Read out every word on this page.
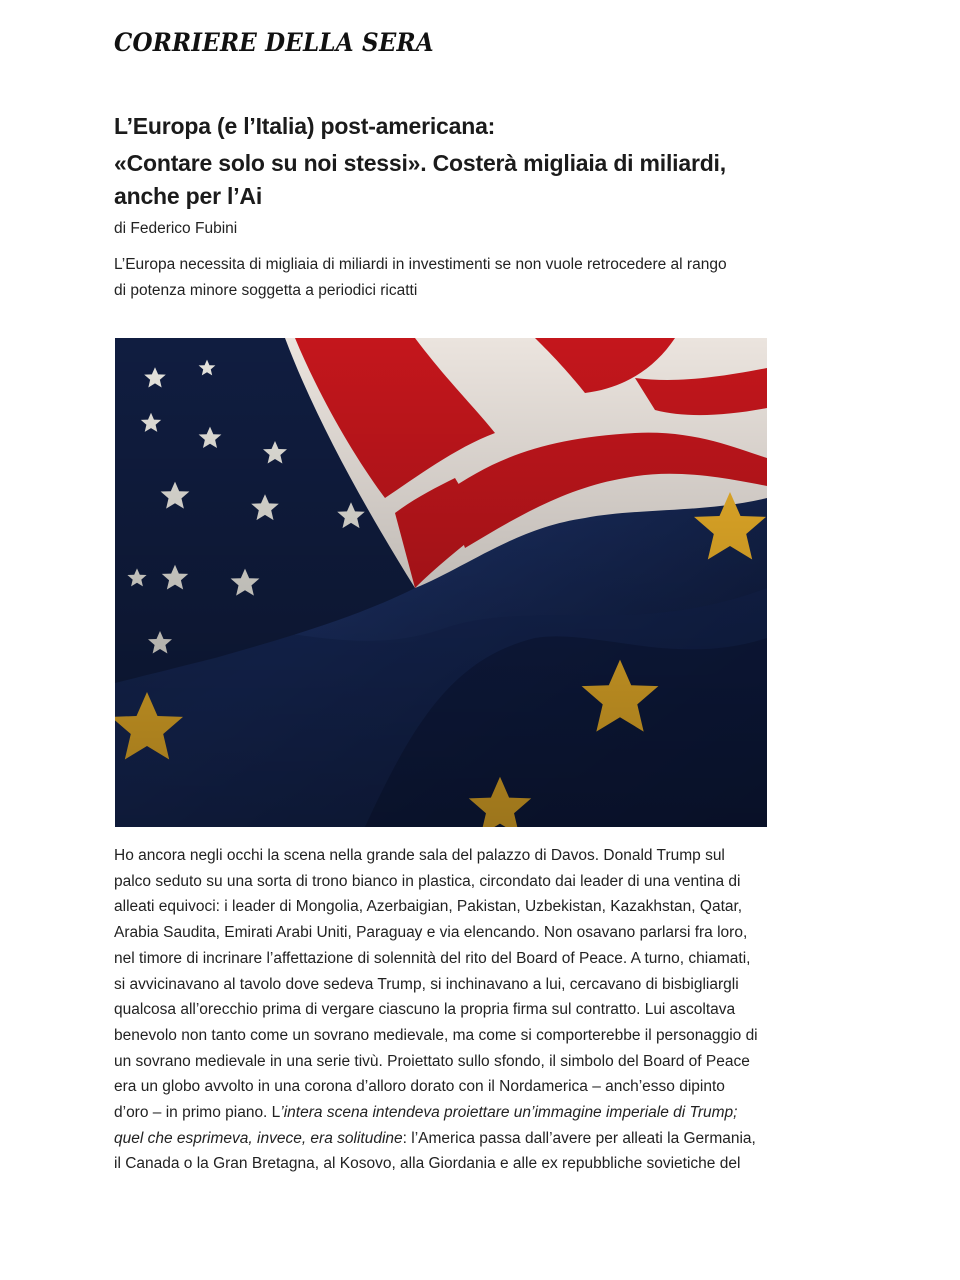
CORRIERE DELLA SERA
L’Europa (e l’Italia) post-americana:
«Contare solo su noi stessi». Costerà migliaia di miliardi,
anche per l’Ai
di Federico Fubini
L’Europa necessita di migliaia di miliardi in investimenti se non vuole retrocedere al rango
di potenza minore soggetta a periodici ricatti

Ho ancora negli occhi la scena nella grande sala del palazzo di Davos. Donald Trump sul
palco seduto su una sorta di trono bianco in plastica, circondato dai leader di una ventina di
alleati equivoci: i leader di Mongolia, Azerbaigian, Pakistan, Uzbekistan, Kazakhstan, Qatar,
Arabia Saudita, Emirati Arabi Uniti, Paraguay e via elencando. Non osavano parlarsi fra loro,
nel timore di incrinare l’affettazione di solennità del rito del Board of Peace. A turno, chiamati,
si avvicinavano al tavolo dove sedeva Trump, si inchinavano a lui, cercavano di bisbigliargli
qualcosa all’orecchio prima di vergare ciascuno la propria firma sul contratto. Lui ascoltava
benevolo non tanto come un sovrano medievale, ma come si comporterebbe il personaggio di
un sovrano medievale in una serie tivù. Proiettato sullo sfondo, il simbolo del Board of Peace
era un globo avvolto in una corona d’alloro dorato con il Nordamerica – anch’esso dipinto
d’oro – in primo piano. L’intera scena intendeva proiettare un’immagine imperiale di Trump;
quel che esprimeva, invece, era solitudine: l’America passa dall’avere per alleati la Germania,
il Canada o la Gran Bretagna, al Kosovo, alla Giordania e alle ex repubbliche sovietiche del
